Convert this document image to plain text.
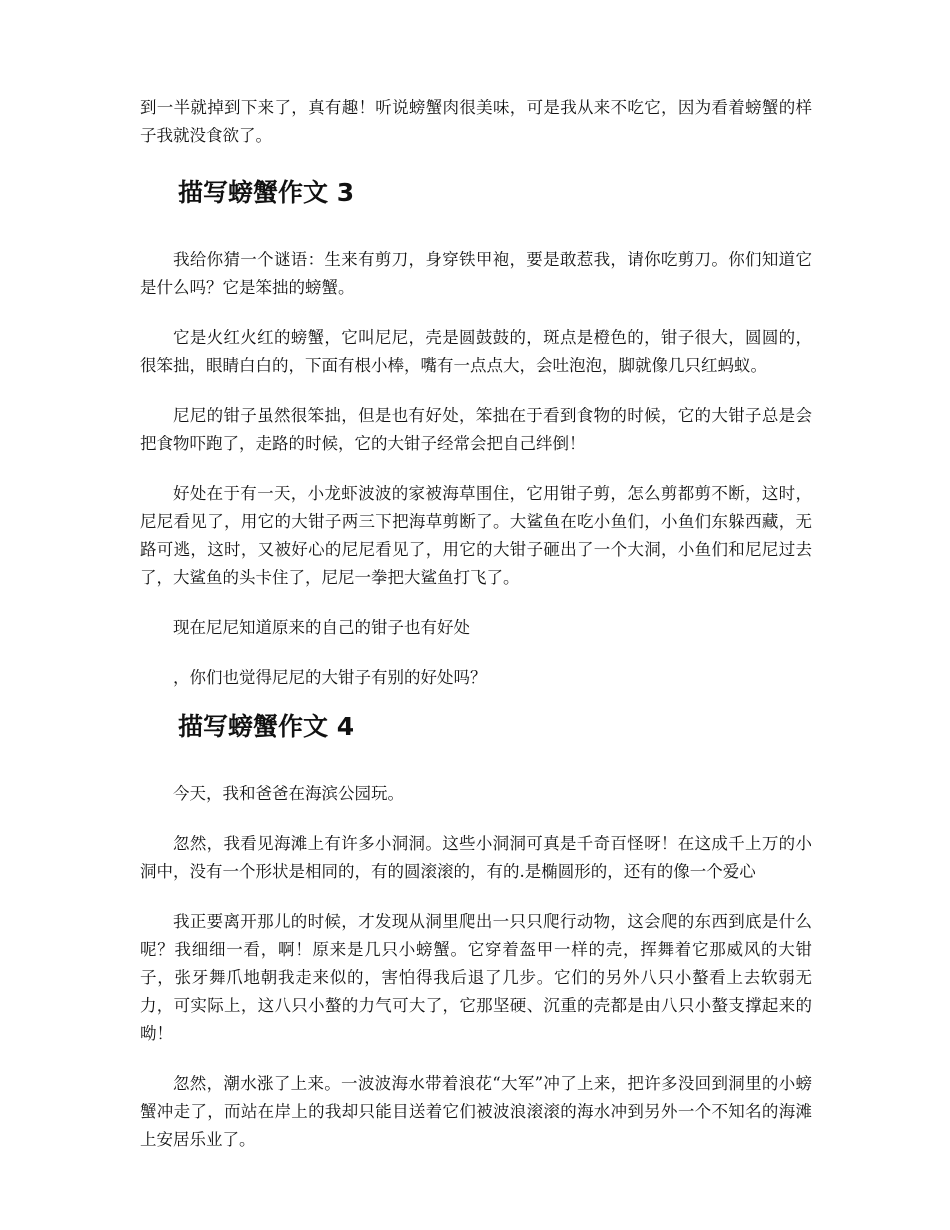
到一半就掉到下来了，真有趣！听说螃蟹肉很美味，可是我从来不吃它，因为看着螃蟹的样子我就没食欲了。

描写螃蟹作文 3

我给你猜一个谜语：生来有剪刀，身穿铁甲袍，要是敢惹我，请你吃剪刀。你们知道它是什么吗？它是笨拙的螃蟹。

它是火红火红的螃蟹，它叫尼尼，壳是圆鼓鼓的，斑点是橙色的，钳子很大，圆圆的，很笨拙，眼睛白白的，下面有根小棒，嘴有一点点大，会吐泡泡，脚就像几只红蚂蚁。

尼尼的钳子虽然很笨拙，但是也有好处，笨拙在于看到食物的时候，它的大钳子总是会把食物吓跑了，走路的时候，它的大钳子经常会把自己绊倒！

好处在于有一天，小龙虾波波的家被海草围住，它用钳子剪，怎么剪都剪不断，这时，尼尼看见了，用它的大钳子两三下把海草剪断了。大鲨鱼在吃小鱼们，小鱼们东躲西藏，无路可逃，这时，又被好心的尼尼看见了，用它的大钳子砸出了一个大洞，小鱼们和尼尼过去了，大鲨鱼的头卡住了，尼尼一拳把大鲨鱼打飞了。

现在尼尼知道原来的自己的钳子也有好处

，你们也觉得尼尼的大钳子有别的好处吗？

描写螃蟹作文 4

今天，我和爸爸在海滨公园玩。

忽然，我看见海滩上有许多小洞洞。这些小洞洞可真是千奇百怪呀！在这成千上万的小洞中，没有一个形状是相同的，有的圆滚滚的，有的.是椭圆形的，还有的像一个爱心

我正要离开那儿的时候，才发现从洞里爬出一只只爬行动物，这会爬的东西到底是什么呢？我细细一看，啊！原来是几只小螃蟹。它穿着盔甲一样的壳，挥舞着它那威风的大钳子，张牙舞爪地朝我走来似的，害怕得我后退了几步。它们的另外八只小螯看上去软弱无力，可实际上，这八只小螯的力气可大了，它那坚硬、沉重的壳都是由八只小螯支撑起来的呦！

忽然，潮水涨了上来。一波波海水带着浪花“大军”冲了上来，把许多没回到洞里的小螃蟹冲走了，而站在岸上的我却只能目送着它们被波浪滚滚的海水冲到另外一个不知名的海滩上安居乐业了。
